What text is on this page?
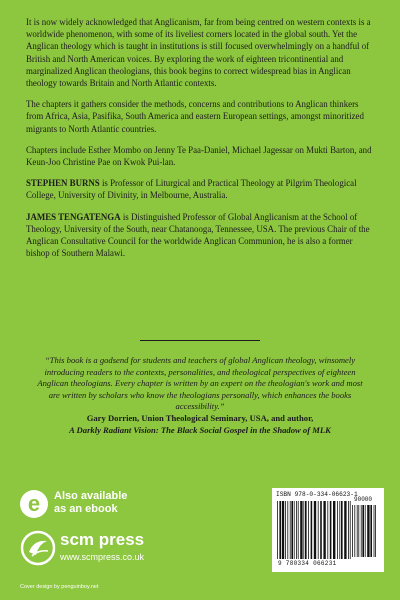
It is now widely acknowledged that Anglicanism, far from being centred on western contexts is a worldwide phenomenon, with some of its liveliest corners located in the global south. Yet the Anglican theology which is taught in institutions is still focused overwhelmingly on a handful of British and North American voices. By exploring the work of eighteen tricontinential and marginalized Anglican theologians, this book begins to correct widespread bias in Anglican theology towards Britain and North Atlantic contexts.

The chapters it gathers consider the methods, concerns and contributions to Anglican thinkers from Africa, Asia, Pasifika, South America and eastern European settings, amongst minoritized migrants to North Atlantic countries.

Chapters include Esther Mombo on Jenny Te Paa-Daniel, Michael Jagessar on Mukti Barton, and Keun-Joo Christine Pae on Kwok Pui-lan.

STEPHEN BURNS is Professor of Liturgical and Practical Theology at Pilgrim Theological College, University of Divinity, in Melbourne, Australia.

JAMES TENGATENGA is Distinguished Professor of Global Anglicanism at the School of Theology, University of the South, near Chatanooga, Tennessee, USA. The previous Chair of the Anglican Consultative Council for the worldwide Anglican Communion, he is also a former bishop of Southern Malawi.

“This book is a godsend for students and teachers of global Anglican theology, winsomely introducing readers to the contexts, personalities, and theological perspectives of eighteen Anglican theologians. Every chapter is written by an expert on the theologian's work and most are written by scholars who know the theologians personally, which enhances the books accessibility.”
Gary Dorrien, Union Theological Seminary, USA, and author,
A Darkly Radiant Vision: The Black Social Gospel in the Shadow of MLK
e	Also available
as an ebook
scm press
www.scmpress.co.uk
Cover design by penguinboy.net
ISBN 978-0-334-06623-1
90000
9 780334 066231
